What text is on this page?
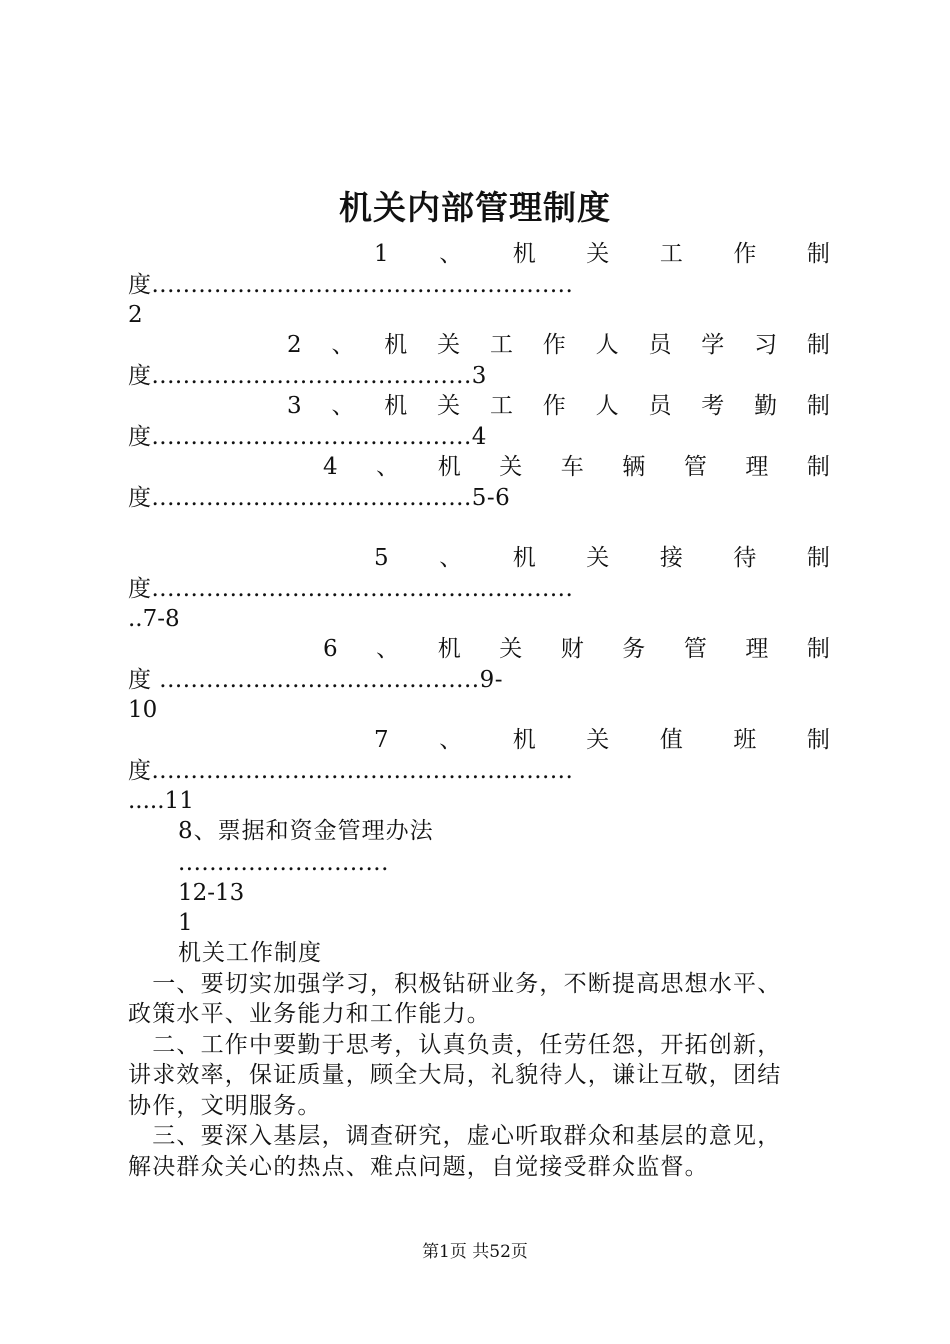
机关内部管理制度
1 、 机 关 工 作 制
度......................................................
2
2 、 机 关 工 作 人 员 学 习 制
度.........................................3
3 、 机 关 工 作 人 员 考 勤 制
度.........................................4
4 、 机 关 车 辆 管 理 制
度.........................................5-6
5 、 机 关 接 待 制
度......................................................
..7-8
6 、 机 关 财 务 管 理 制
度 .........................................9-
10
7 、 机 关 值 班 制
度......................................................
.....11
8、票据和资金管理办法
...........................
12-13
1
机关工作制度
　一、要切实加强学习，积极钻研业务，不断提高思想水平、
政策水平、业务能力和工作能力。
　二、工作中要勤于思考，认真负责，任劳任怨，开拓创新，
讲求效率，保证质量，顾全大局，礼貌待人，谦让互敬，团结
协作，文明服务。
　三、要深入基层，调查研究，虚心听取群众和基层的意见，
解决群众关心的热点、难点问题，自觉接受群众监督。
第1页 共52页
